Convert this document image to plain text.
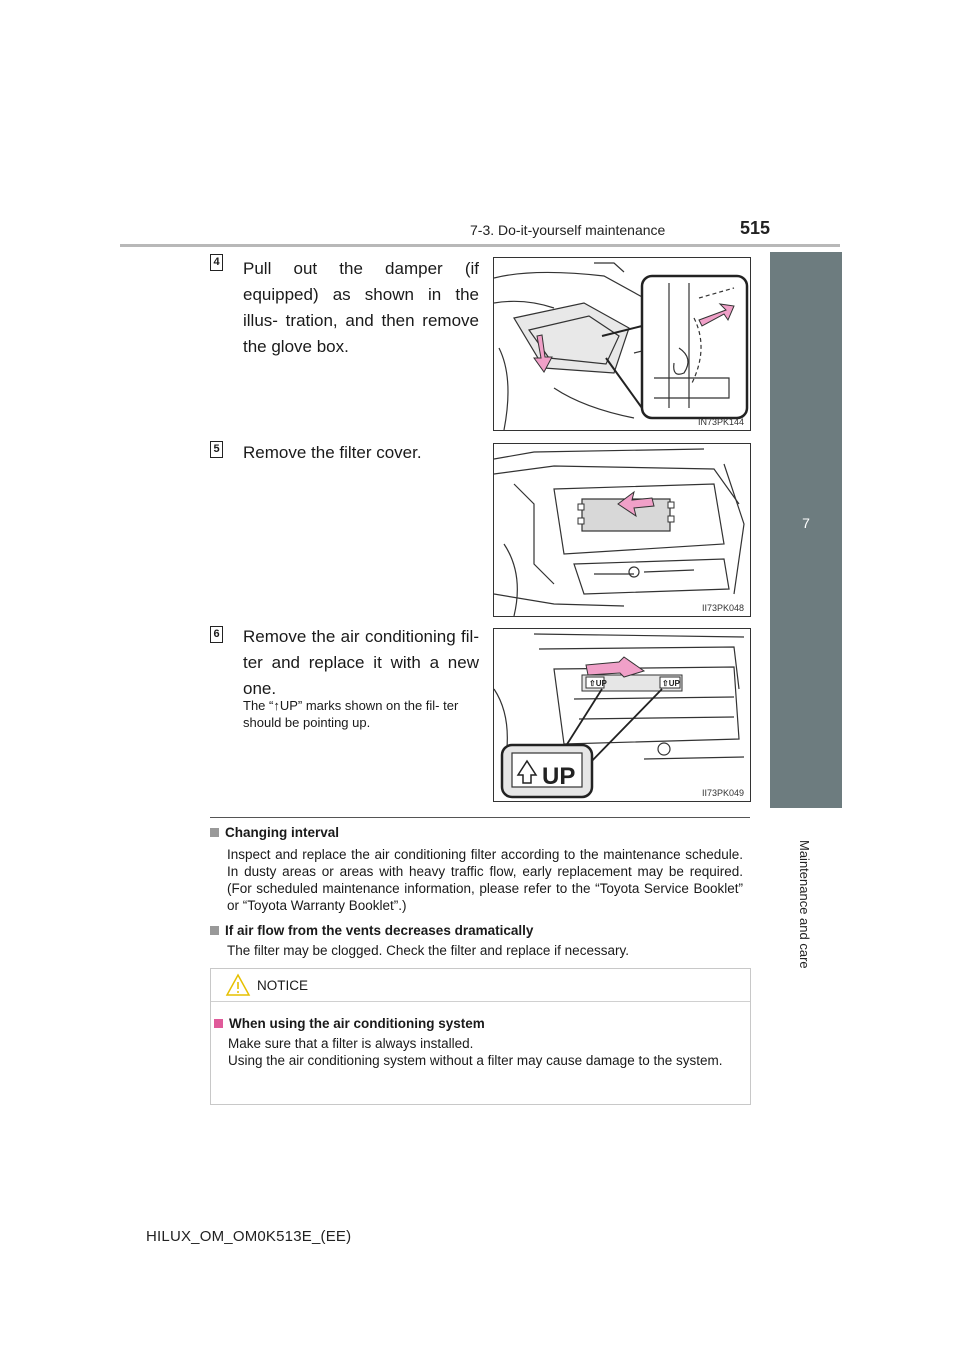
7-3. Do-it-yourself maintenance	515
7
Maintenance and care
4 Pull out the damper (if equipped) as shown in the illus- tration, and then remove the glove box.
IN73PK144
5 Remove the filter cover.
II73PK048
6 Remove the air conditioning fil- ter and replace it with a new one.
The “↑UP” marks shown on the fil- ter should be pointing up.
⇧UP	⇧UP
UP
II73PK049
Changing interval
Inspect and replace the air conditioning filter according to the maintenance schedule. In dusty areas or areas with heavy traffic flow, early replacement may be required. (For scheduled maintenance information, please refer to the “Toyota Service Booklet” or “Toyota Warranty Booklet”.)
If air flow from the vents decreases dramatically
The filter may be clogged. Check the filter and replace if necessary.
NOTICE
When using the air conditioning system
Make sure that a filter is always installed.
Using the air conditioning system without a filter may cause damage to the system.
HILUX_OM_OM0K513E_(EE)
